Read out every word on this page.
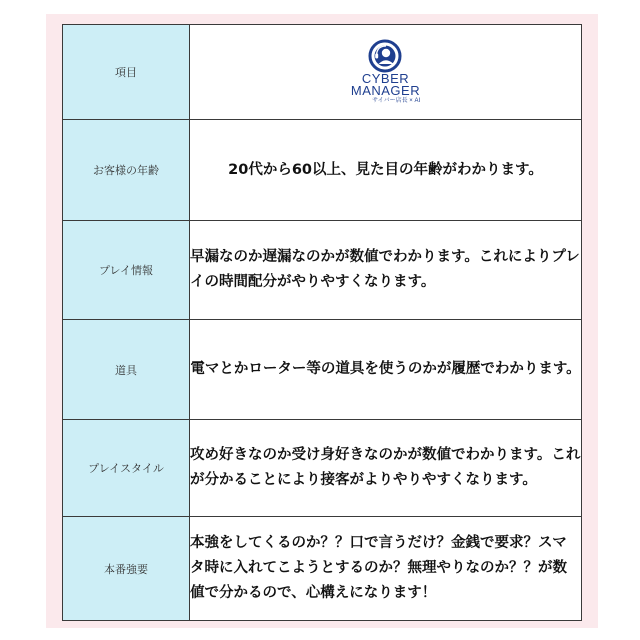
項目	CYBER
MANAGER
サイバー店長 × AI

お客様の年齢	20代から60以上、見た目の年齢がわかります。
プレイ情報	早漏なのか遅漏なのかが数値でわかります。これによりプレイの時間配分がやりやすくなります。
道具	電マとかローター等の道具を使うのかが履歴でわかります。
プレイスタイル	攻め好きなのか受け身好きなのかが数値でわかります。これが分かることにより接客がよりやりやすくなります。
本番強要	本強をしてくるのか？？口で言うだけ？金銭で要求？スマタ時に入れてこようとするのか？無理やりなのか？？が数値で分かるので、心構えになります！
